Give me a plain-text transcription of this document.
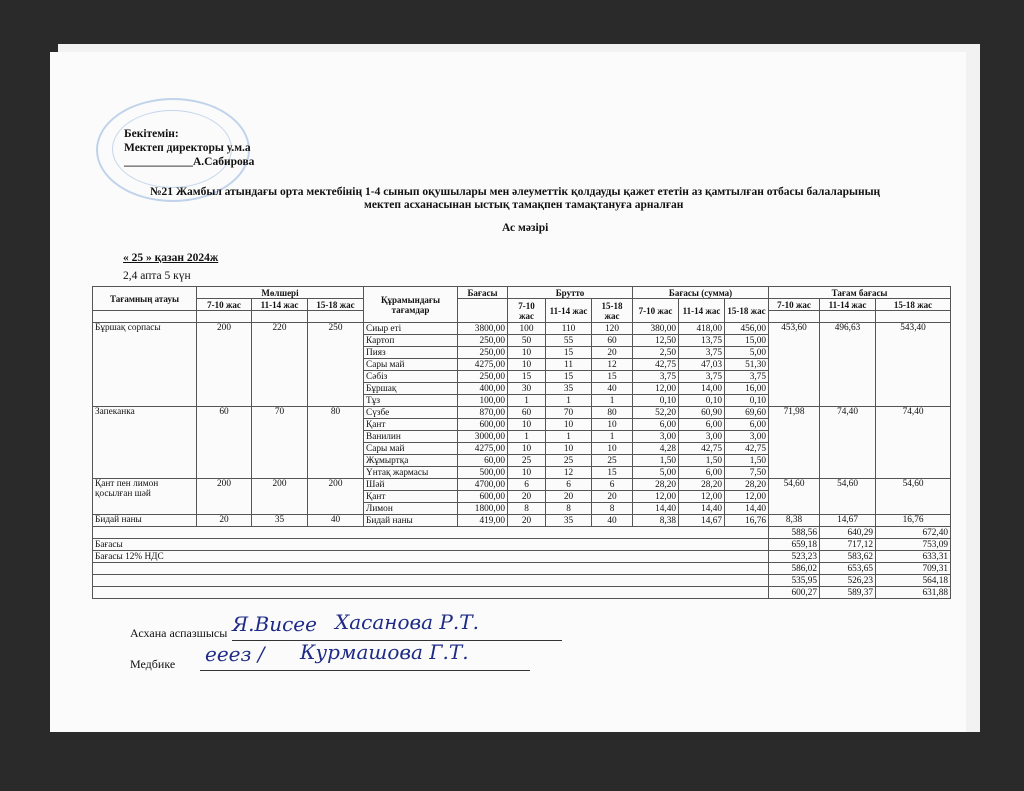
Бекітемін:
Мектеп директоры у.м.а
____________А.Сабирова
№21 Жамбыл атындағы орта мектебінің 1-4 сынып оқушылары мен әлеуметтік қолдауды қажет ететін аз қамтылған отбасы балаларының
мектеп асханасынан ыстық тамақпен тамақтануға арналған
Ас мәзірі
« 25 » қазан 2024ж
2,4 апта 5 күн
Тағамның атауы	Мөлшері			Құрамындағы тағамдар	Бағасы	Брутто			Бағасы (сумма)			Тағам бағасы		
	7-10 жас	11-14 жас	15-18 жас			7-10 жас	11-14 жас	15-18 жас	7-10 жас	11-14 жас	15-18 жас	7-10 жас	11-14 жас	15-18 жас

Бұршақ сорпасы	200	220	250	Сиыр еті	3800,00	100	110	120	380,00	418,00	456,00	453,60	496,63	543,40
				Картоп	250,00	50	55	60	12,50	13,75	15,00			
				Пияз	250,00	10	15	20	2,50	3,75	5,00			
				Сары май	4275,00	10	11	12	42,75	47,03	51,30			
				Сәбіз	250,00	15	15	15	3,75	3,75	3,75			
				Бұршақ	400,00	30	35	40	12,00	14,00	16,00			
				Тұз	100,00	1	1	1	0,10	0,10	0,10			
Запеканка	60	70	80	Сүзбе	870,00	60	70	80	52,20	60,90	69,60	71,98	74,40	74,40
				Қант	600,00	10	10	10	6,00	6,00	6,00			
				Ванилин	3000,00	1	1	1	3,00	3,00	3,00			
				Сары май	4275,00	10	10	10	4,28	42,75	42,75			
				Жұмыртқа	60,00	25	25	25	1,50	1,50	1,50			
				Үнтақ жармасы	500,00	10	12	15	5,00	6,00	7,50			
Қант пен лимон қосылған шәй	200	200	200	Шәй	4700,00	6	6	6	28,20	28,20	28,20	54,60	54,60	54,60
				Қант	600,00	20	20	20	12,00	12,00	12,00			
				Лимон	1800,00	8	8	8	14,40	14,40	14,40			
Бидай наны	20	35	40	Бидай наны	419,00	20	35	40	8,38	14,67	16,76	8,38	14,67	16,76
												588,56	640,29	672,40
Бағасы												659,18	717,12	753,09
Бағасы 12% НДС												523,23	583,62	633,31
												586,02	653,65	709,31
												535,95	526,23	564,18
												600,27	589,37	631,88
Асхана аспазшысы Я.Висее Хасанова Р.Т.
Медбике ееез / Курмашова Г.Т.
